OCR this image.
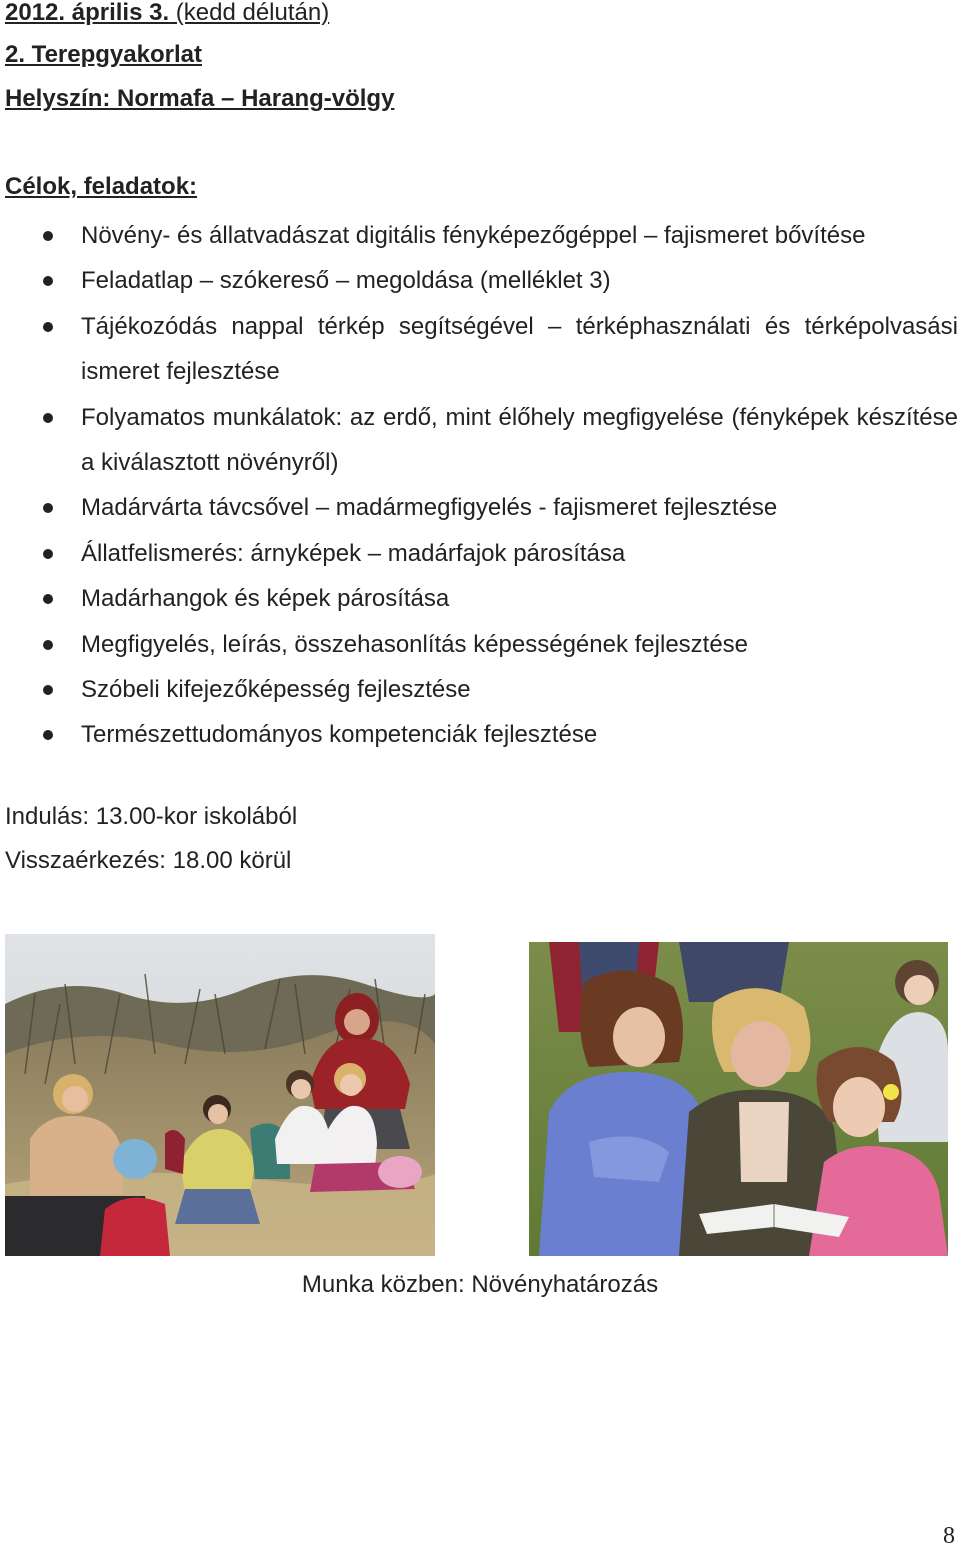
2012. április 3. (kedd délután)
2. Terepgyakorlat
Helyszín: Normafa – Harang-völgy
Célok, feladatok:
Növény- és állatvadászat digitális fényképezőgéppel – fajismeret bővítése
Feladatlap – szókereső – megoldása (melléklet 3)
Tájékozódás nappal térkép segítségével – térképhasználati és térképolvasási ismeret fejlesztése
Folyamatos munkálatok: az erdő, mint élőhely megfigyelése (fényképek készítése a kiválasztott növényről)
Madárvárta távcsővel – madármegfigyelés - fajismeret fejlesztése
Állatfelismerés: árnyképek – madárfajok párosítása
Madárhangok és képek párosítása
Megfigyelés, leírás, összehasonlítás képességének fejlesztése
Szóbeli kifejezőképesség fejlesztése
Természettudományos kompetenciák fejlesztése
Indulás: 13.00-kor iskolából
Visszaérkezés: 18.00 körül
Munka közben: Növényhatározás
8
